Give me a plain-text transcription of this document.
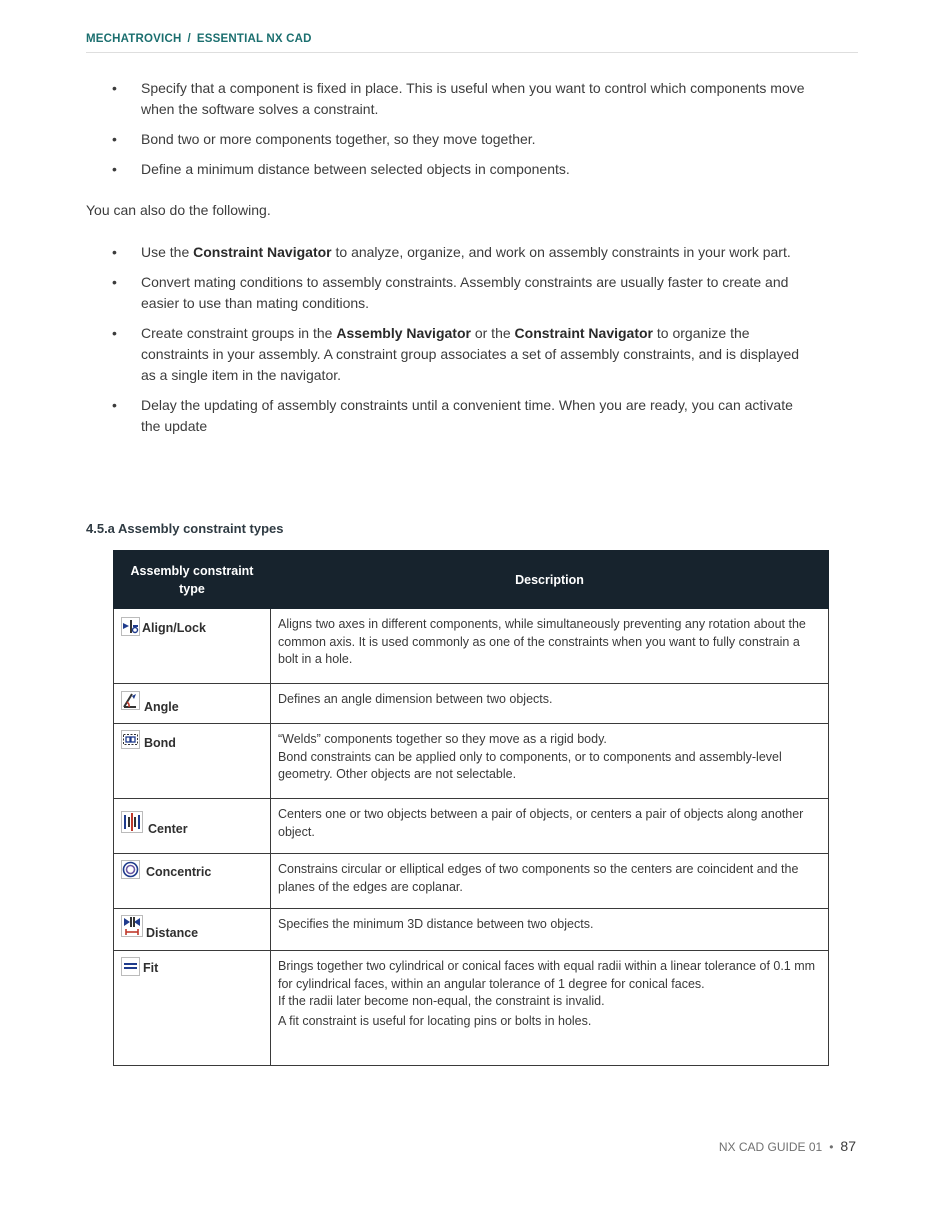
MECHATROVICH / ESSENTIAL NX CAD
• Specify that a component is fixed in place. This is useful when you want to control which components move when the software solves a constraint.
• Bond two or more components together, so they move together.
• Define a minimum distance between selected objects in components.
You can also do the following.
• Use the Constraint Navigator to analyze, organize, and work on assembly constraints in your work part.
• Convert mating conditions to assembly constraints. Assembly constraints are usually faster to create and easier to use than mating conditions.
• Create constraint groups in the Assembly Navigator or the Constraint Navigator to organize the constraints in your assembly. A constraint group associates a set of assembly constraints, and is displayed as a single item in the navigator.
• Delay the updating of assembly constraints until a convenient time. When you are ready, you can activate the update
4.5.a Assembly constraint types
Assembly constraint type	Description

Align/Lock	Aligns two axes in different components, while simultaneously preventing any rotation about the common axis. It is used commonly as one of the constraints when you want to fully constrain a bolt in a hole.

Angle	Defines an angle dimension between two objects.

Bond	“Welds” components together so they move as a rigid body.
Bond constraints can be applied only to components, or to components and assembly-level geometry. Other objects are not selectable.

Center	Centers one or two objects between a pair of objects, or centers a pair of objects along another object.

Concentric	Constrains circular or elliptical edges of two components so the centers are coincident and the planes of the edges are coplanar.

Distance	Specifies the minimum 3D distance between two objects.

Fit	Brings together two cylindrical or conical faces with equal radii within a linear tolerance of 0.1 mm for cylindrical faces, within an angular tolerance of 1 degree for conical faces.
If the radii later become non-equal, the constraint is invalid.
A fit constraint is useful for locating pins or bolts in holes.
NX CAD GUIDE 01 • 87
